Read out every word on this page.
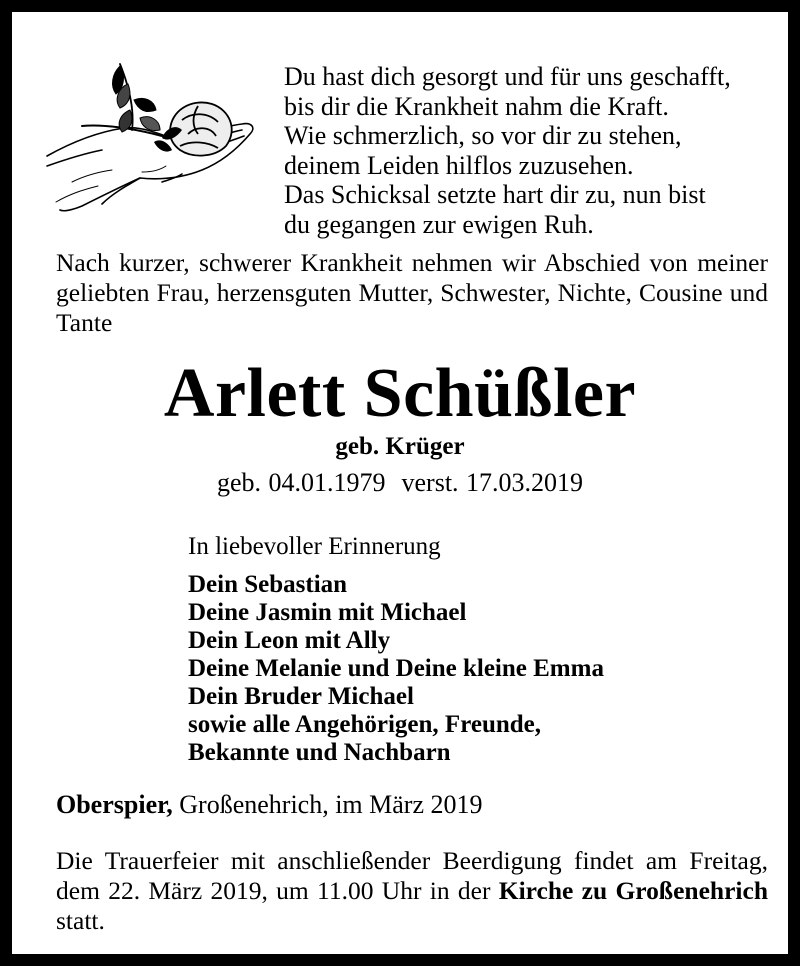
Du hast dich gesorgt und für uns geschafft,
bis dir die Krankheit nahm die Kraft.
Wie schmerzlich, so vor dir zu stehen,
deinem Leiden hilflos zuzusehen.
Das Schicksal setzte hart dir zu, nun bist
du gegangen zur ewigen Ruh.

Nach kurzer, schwerer Krankheit nehmen wir Abschied von meiner geliebten Frau, herzensguten Mutter, Schwester, Nichte, Cousine und Tante

Arlett Schüßler

geb. Krüger

geb. 04.01.1979 verst. 17.03.2019

In liebevoller Erinnerung

Dein Sebastian
Deine Jasmin mit Michael
Dein Leon mit Ally
Deine Melanie und Deine kleine Emma
Dein Bruder Michael
sowie alle Angehörigen, Freunde,
Bekannte und Nachbarn

Oberspier, Großenehrich, im März 2019

Die Trauerfeier mit anschließender Beerdigung findet am Freitag, dem 22. März 2019, um 11.00 Uhr in der Kirche zu Großenehrich statt.
